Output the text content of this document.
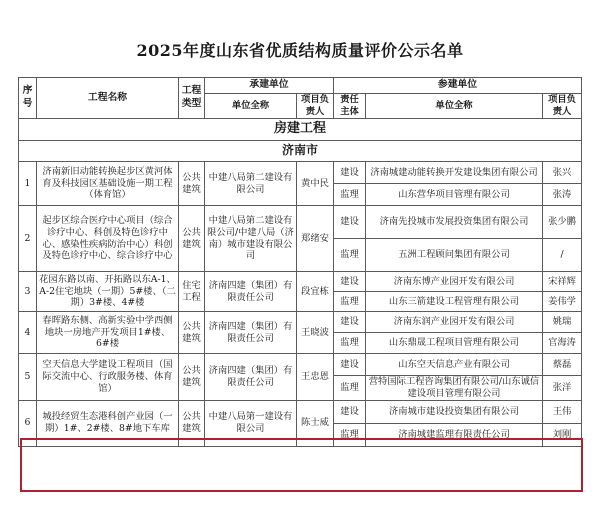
2025年度山东省优质结构质量评价公示名单
序号	工程名称	工程类型	承建单位		参建单位		
			单位全称	项目负责人	责任主体	单位全称	项目负责人
房建工程							
济南市							
1	济南新旧动能转换起步区黄河体育及科技园区基础设施一期工程（体育馆）	公共建筑	中建八局第二建设有限公司	黄中民	建设	济南城建动能转换开发建设集团有限公司	张兴
					监理	山东营华项目管理有限公司	张涛
2	起步区综合医疗中心项目（综合诊疗中心、科创及特色诊疗中心、感染性疾病防治中心）科创及特色诊疗中心、综合诊疗中心	公共建筑	中建八局第二建设有限公司/中建八局（济南）城市建设有限公司	郑绪安	建设	济南先投城市发展投资集团有限公司	张少鹏
					监理	五洲工程顾问集团有限公司	/
3	花园东路以南、开拓路以东A-1、A-2住宅地块（一期）5#楼、（二期）3#楼、4#楼	住宅工程	济南四建（集团）有限责任公司	段宜栋	建设	济南东博产业园开发有限公司	宋祥辉
					监理	山东三箭建设工程管理有限公司	姜伟学
4	春晖路东侧、高新实验中学西侧地块一房地产开发项目1#楼、6#楼	公共建筑	济南四建（集团）有限责任公司	王晓波	建设	济南东润产业园开发有限公司	姚瑞
					监理	山东鼎晟工程项目管理有限公司	官海涛
5	空天信息大学建设工程项目（国际交流中心、行政服务楼、体育馆）	公共建筑	济南四建（集团）有限责任公司	王忠恩	建设	山东空天信息产业有限公司	蔡磊
					监理	营特国际工程咨询集团有限公司/山东诚信建设项目管理有限公司	张洋
6	城投经贸生态港科创产业园（一期）1#、2#楼、8#地下车库	公共建筑	中建八局第一建设有限公司	陈士威	建设	济南城市建设投资集团有限公司	王伟
					监理	济南城建监理有限责任公司	刘刚
